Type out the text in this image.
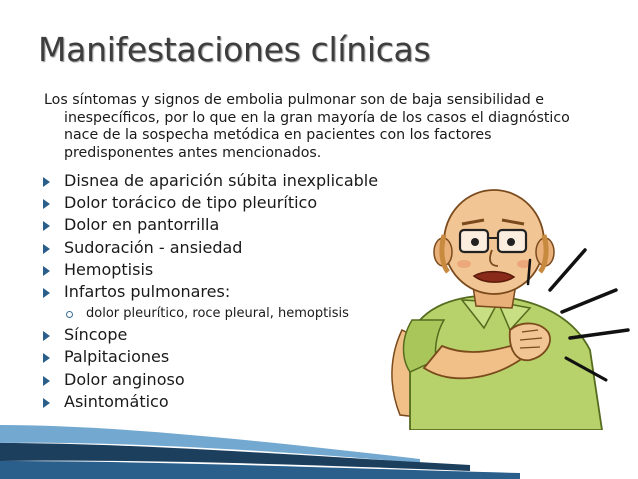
Manifestaciones clínicas
Los síntomas y signos de embolia pulmonar son de baja sensibilidad e inespecíficos, por lo que en la gran mayoría de los casos el diagnóstico nace de la sospecha metódica en pacientes con los factores predisponentes antes mencionados.
Disnea de aparición súbita inexplicable
Dolor torácico de tipo pleurítico
Dolor en pantorrilla
Sudoración - ansiedad
Hemoptisis
Infartos pulmonares:
dolor pleurítico, roce pleural, hemoptisis
Síncope
Palpitaciones
Dolor anginoso
Asintomático
